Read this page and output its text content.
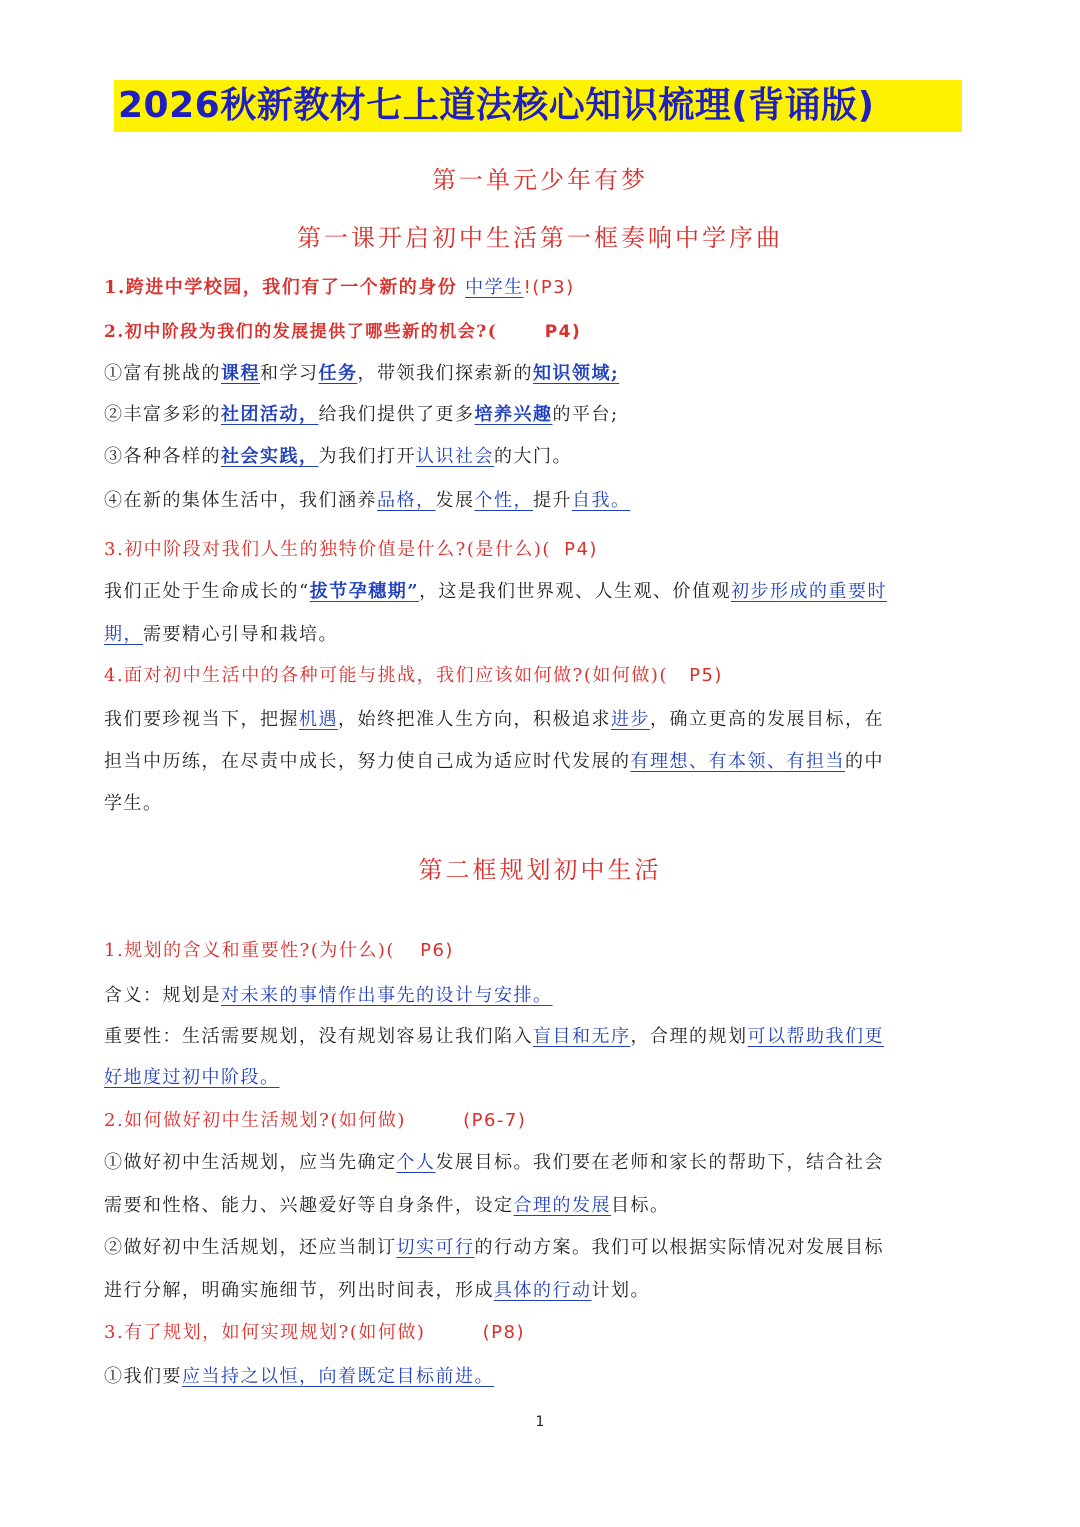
2026秋新教材七上道法核心知识梳理(背诵版)
第一单元少年有梦
第一课开启初中生活第一框奏响中学序曲
1.跨进中学校园，我们有了一个新的身份 中学生!(P3)
2.初中阶段为我们的发展提供了哪些新的机会?(	P4)
①富有挑战的课程和学习任务，带领我们探索新的知识领域;
②丰富多彩的社团活动，给我们提供了更多培养兴趣的平台;
③各种各样的社会实践，为我们打开认识社会的大门。
④在新的集体生活中，我们涵养品格，发展个性，提升自我。
3.初中阶段对我们人生的独特价值是什么?(是什么)( P4)
我们正处于生命成长的“拔节孕穗期”，这是我们世界观、人生观、价值观初步形成的重要时
期，需要精心引导和栽培。
4.面对初中生活中的各种可能与挑战，我们应该如何做?(如何做)( P5)
我们要珍视当下，把握机遇，始终把准人生方向，积极追求进步，确立更高的发展目标，在
担当中历练，在尽责中成长，努力使自己成为适应时代发展的有理想、有本领、有担当的中
学生。
第二框规划初中生活
1.规划的含义和重要性?(为什么)( P6)
含义：规划是对未来的事情作出事先的设计与安排。
重要性：生活需要规划，没有规划容易让我们陷入盲目和无序，合理的规划可以帮助我们更
好地度过初中阶段。
2.如何做好初中生活规划?(如何做)	(P6-7)
①做好初中生活规划，应当先确定个人发展目标。我们要在老师和家长的帮助下，结合社会
需要和性格、能力、兴趣爱好等自身条件，设定合理的发展目标。
②做好初中生活规划，还应当制订切实可行的行动方案。我们可以根据实际情况对发展目标
进行分解，明确实施细节，列出时间表，形成具体的行动计划。
3.有了规划，如何实现规划?(如何做)	(P8)
①我们要应当持之以恒，向着既定目标前进。
1
